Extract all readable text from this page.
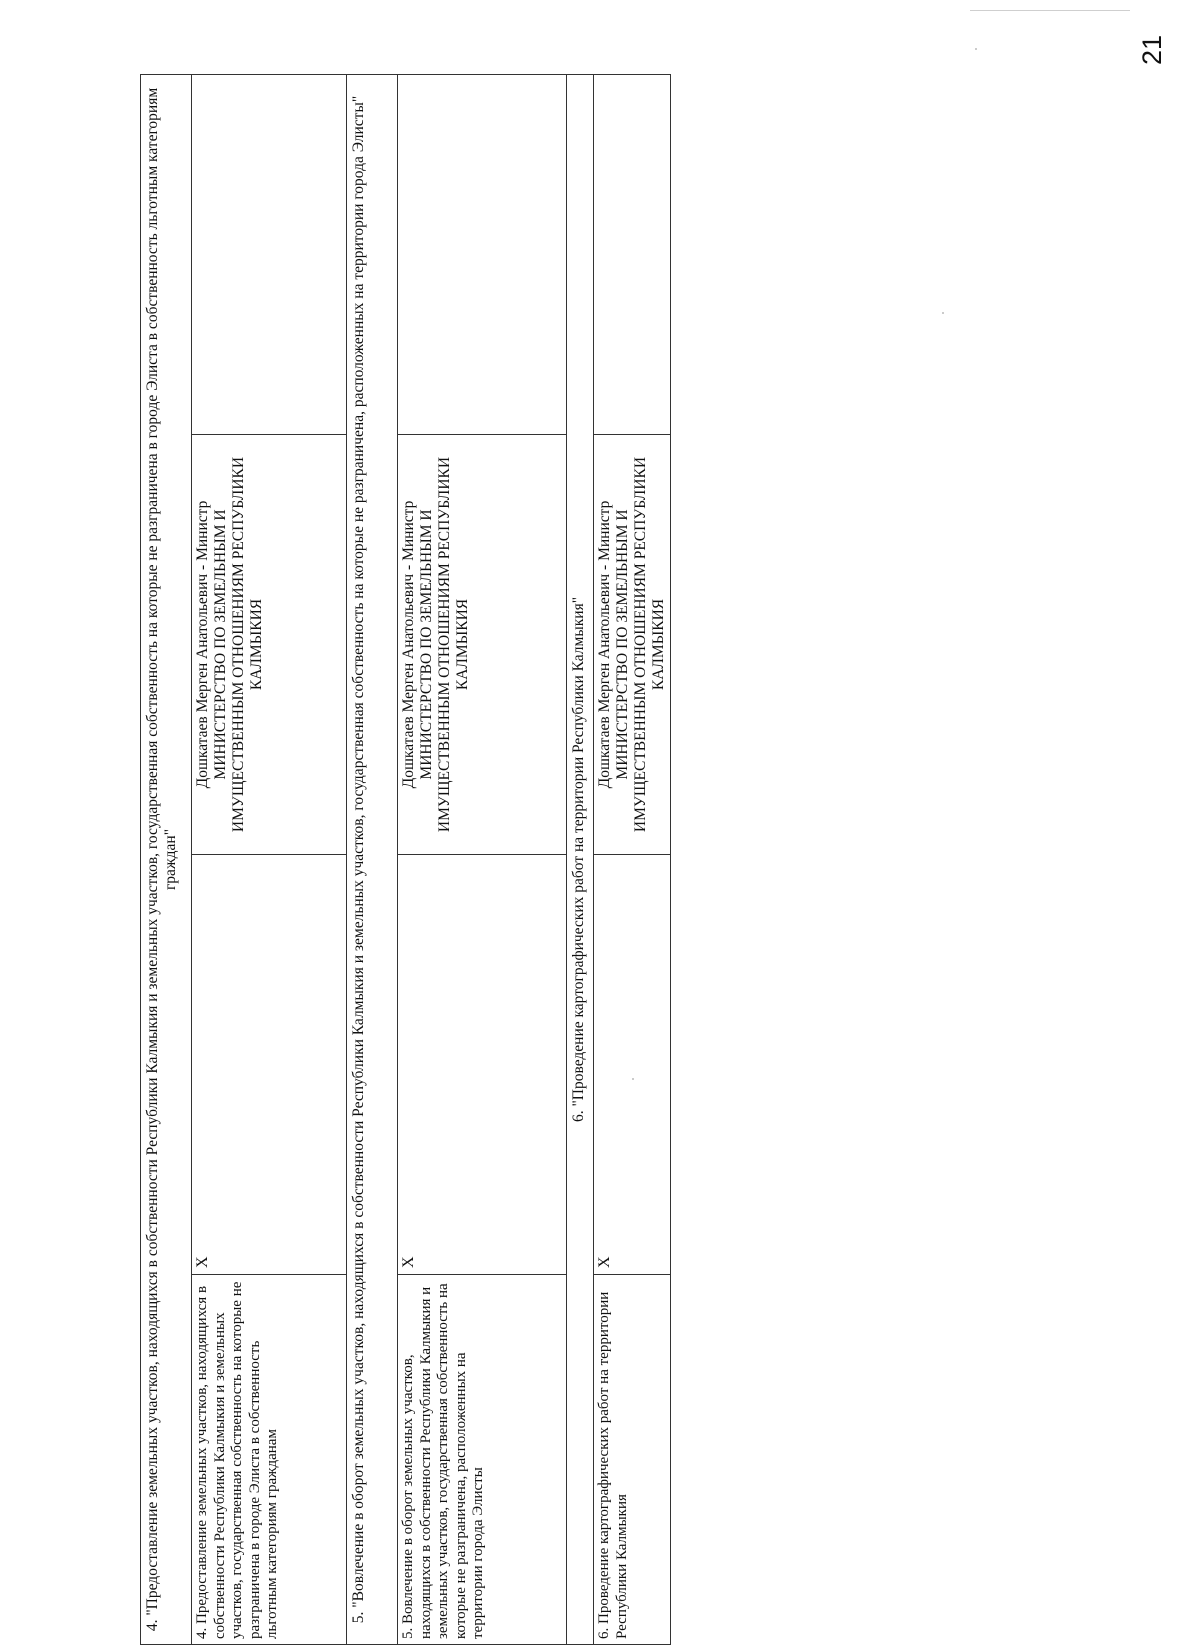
21
4. "Предоставление земельных участков, находящихся в собственности Республики Калмыкия и земельных участков, государственная собственность на которые не разграничена в городе Элиста в собственность льготным категориям граждан"			
4. Предоставление земельных участков, находящихся в собственности Республики Калмыкия и земельных участков, государственная собственность на которые не разграничена в городе Элиста в собственность льготным категориям гражданам	X	Дошкатаев Мерген Анатольевич - Министр МИНИСТЕРСТВО ПО ЗЕМЕЛЬНЫМ И ИМУЩЕСТВЕННЫМ ОТНОШЕНИЯМ РЕСПУБЛИКИ КАЛМЫКИЯ	
5. "Вовлечение в оборот земельных участков, находящихся в собственности Республики Калмыкия и земельных участков, государственная собственность на которые не разграничена, расположенных на территории города Элисты"			
5. Вовлечение в оборот земельных участков, находящихся в собственности Республики Калмыкия и земельных участков, государственная собственность на которые не разграничена, расположенных на территории города Элисты	X	Дошкатаев Мерген Анатольевич - Министр МИНИСТЕРСТВО ПО ЗЕМЕЛЬНЫМ И ИМУЩЕСТВЕННЫМ ОТНОШЕНИЯМ РЕСПУБЛИКИ КАЛМЫКИЯ	
6. "Проведение картографических работ на территории Республики Калмыкия"			
6. Проведение картографических работ на территории Республики Калмыкия	X	Дошкатаев Мерген Анатольевич - Министр МИНИСТЕРСТВО ПО ЗЕМЕЛЬНЫМ И ИМУЩЕСТВЕННЫМ ОТНОШЕНИЯМ РЕСПУБЛИКИ КАЛМЫКИЯ	
